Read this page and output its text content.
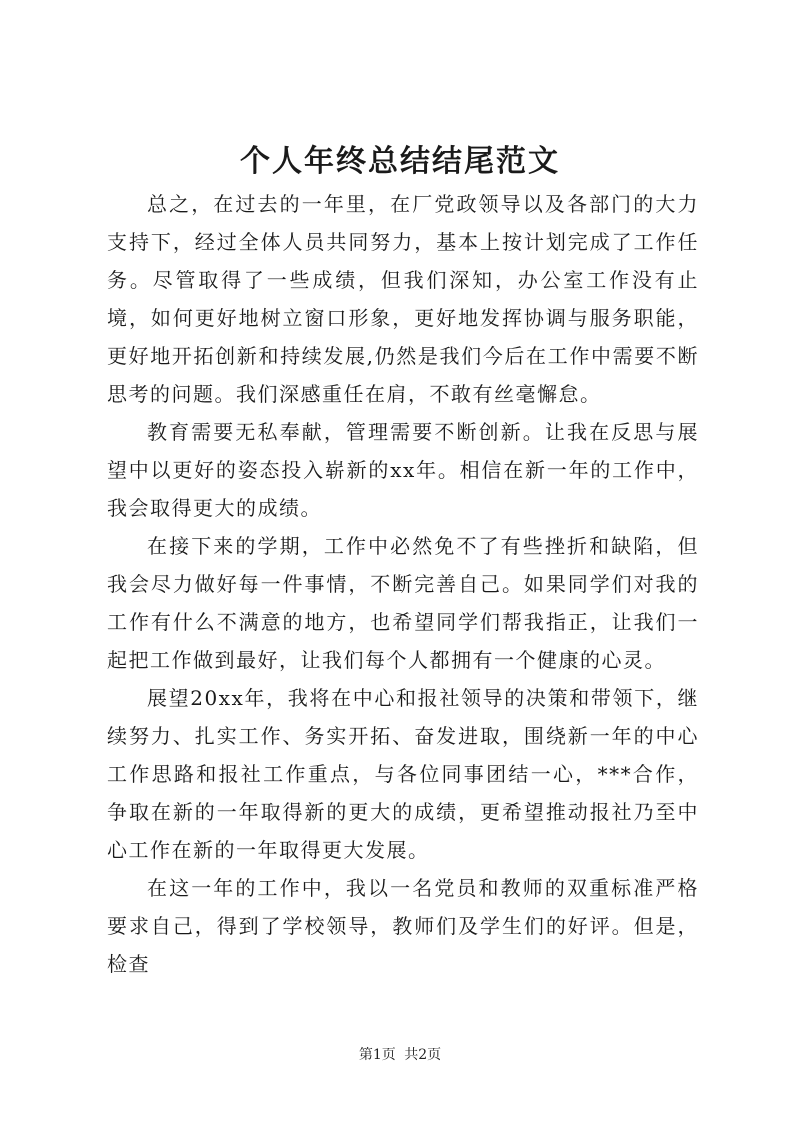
个人年终总结结尾范文

总之，在过去的一年里，在厂党政领导以及各部门的大力支持下，经过全体人员共同努力，基本上按计划完成了工作任务。尽管取得了一些成绩，但我们深知，办公室工作没有止境，如何更好地树立窗口形象，更好地发挥协调与服务职能，更好地开拓创新和持续发展,仍然是我们今后在工作中需要不断思考的问题。我们深感重任在肩，不敢有丝毫懈怠。

教育需要无私奉献，管理需要不断创新。让我在反思与展望中以更好的姿态投入崭新的xx年。相信在新一年的工作中，我会取得更大的成绩。

在接下来的学期，工作中必然免不了有些挫折和缺陷，但我会尽力做好每一件事情，不断完善自己。如果同学们对我的工作有什么不满意的地方，也希望同学们帮我指正，让我们一起把工作做到最好，让我们每个人都拥有一个健康的心灵。

展望20xx年，我将在中心和报社领导的决策和带领下，继续努力、扎实工作、务实开拓、奋发进取，围绕新一年的中心工作思路和报社工作重点，与各位同事团结一心，***合作，争取在新的一年取得新的更大的成绩，更希望推动报社乃至中心工作在新的一年取得更大发展。

在这一年的工作中，我以一名党员和教师的双重标准严格要求自己，得到了学校领导，教师们及学生们的好评。但是，检查

第1页 共2页
